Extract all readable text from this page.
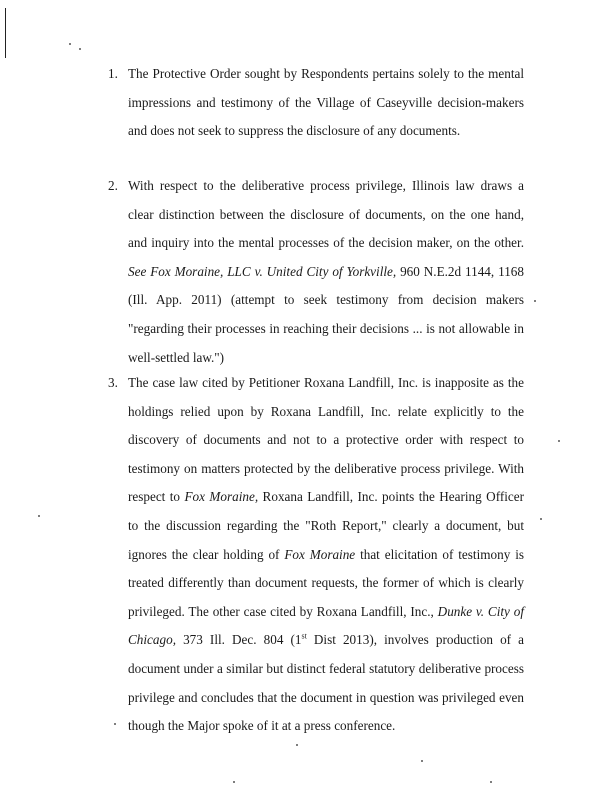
1. The Protective Order sought by Respondents pertains solely to the mental impressions and testimony of the Village of Caseyville decision-makers and does not seek to suppress the disclosure of any documents.
2. With respect to the deliberative process privilege, Illinois law draws a clear distinction between the disclosure of documents, on the one hand, and inquiry into the mental processes of the decision maker, on the other. See Fox Moraine, LLC v. United City of Yorkville, 960 N.E.2d 1144, 1168 (Ill. App. 2011) (attempt to seek testimony from decision makers "regarding their processes in reaching their decisions ... is not allowable in well-settled law.")
3. The case law cited by Petitioner Roxana Landfill, Inc. is inapposite as the holdings relied upon by Roxana Landfill, Inc. relate explicitly to the discovery of documents and not to a protective order with respect to testimony on matters protected by the deliberative process privilege. With respect to Fox Moraine, Roxana Landfill, Inc. points the Hearing Officer to the discussion regarding the "Roth Report," clearly a document, but ignores the clear holding of Fox Moraine that elicitation of testimony is treated differently than document requests, the former of which is clearly privileged. The other case cited by Roxana Landfill, Inc., Dunke v. City of Chicago, 373 Ill. Dec. 804 (1st Dist 2013), involves production of a document under a similar but distinct federal statutory deliberative process privilege and concludes that the document in question was privileged even though the Major spoke of it at a press conference.
